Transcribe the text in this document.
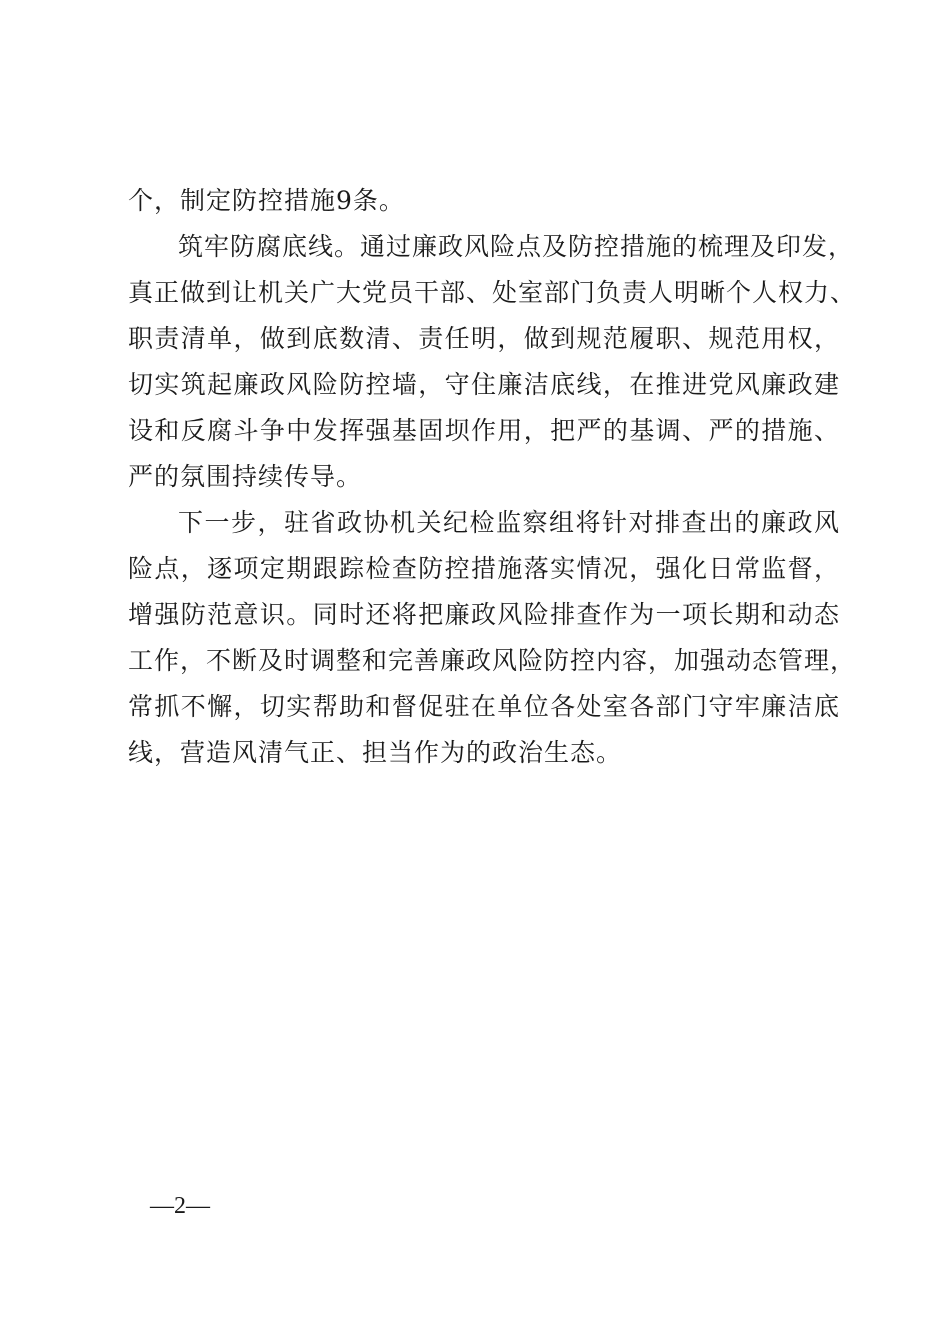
个，制定防控措施9条。
筑牢防腐底线。通过廉政风险点及防控措施的梳理及印发，
真正做到让机关广大党员干部、处室部门负责人明晰个人权力、
职责清单，做到底数清、责任明，做到规范履职、规范用权，
切实筑起廉政风险防控墙，守住廉洁底线，在推进党风廉政建
设和反腐斗争中发挥强基固坝作用，把严的基调、严的措施、
严的氛围持续传导。
下一步，驻省政协机关纪检监察组将针对排查出的廉政风
险点，逐项定期跟踪检查防控措施落实情况，强化日常监督，
增强防范意识。同时还将把廉政风险排查作为一项长期和动态
工作，不断及时调整和完善廉政风险防控内容，加强动态管理，
常抓不懈，切实帮助和督促驻在单位各处室各部门守牢廉洁底
线，营造风清气正、担当作为的政治生态。
—2—
